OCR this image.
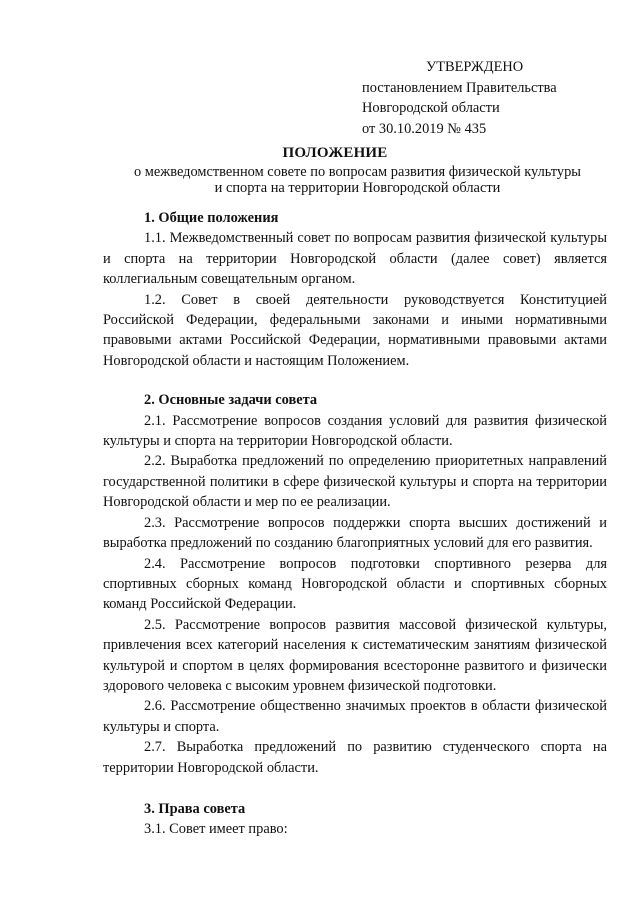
УТВЕРЖДЕНО
постановлением Правительства
Новгородской области
от 30.10.2019 № 435
ПОЛОЖЕНИЕ
о межведомственном совете по вопросам развития физической культуры
и спорта на территории Новгородской области

1. Общие положения

1.1. Межведомственный совет по вопросам развития физической культуры и спорта на территории Новгородской области (далее совет) является коллегиальным совещательным органом.

1.2. Совет в своей деятельности руководствуется Конституцией Российской Федерации, федеральными законами и иными нормативными правовыми актами Российской Федерации, нормативными правовыми актами Новгородской области и настоящим Положением.

2. Основные задачи совета

2.1. Рассмотрение вопросов создания условий для развития физической культуры и спорта на территории Новгородской области.

2.2. Выработка предложений по определению приоритетных направлений государственной политики в сфере физической культуры и спорта на территории Новгородской области и мер по ее реализации.

2.3. Рассмотрение вопросов поддержки спорта высших достижений и выработка предложений по созданию благоприятных условий для его развития.

2.4. Рассмотрение вопросов подготовки спортивного резерва для спортивных сборных команд Новгородской области и спортивных сборных команд Российской Федерации.

2.5. Рассмотрение вопросов развития массовой физической культуры, привлечения всех категорий населения к систематическим занятиям физической культурой и спортом в целях формирования всесторонне развитого и физически здорового человека с высоким уровнем физической подготовки.

2.6. Рассмотрение общественно значимых проектов в области физической культуры и спорта.

2.7. Выработка предложений по развитию студенческого спорта на территории Новгородской области.

3. Права совета

3.1. Совет имеет право:
